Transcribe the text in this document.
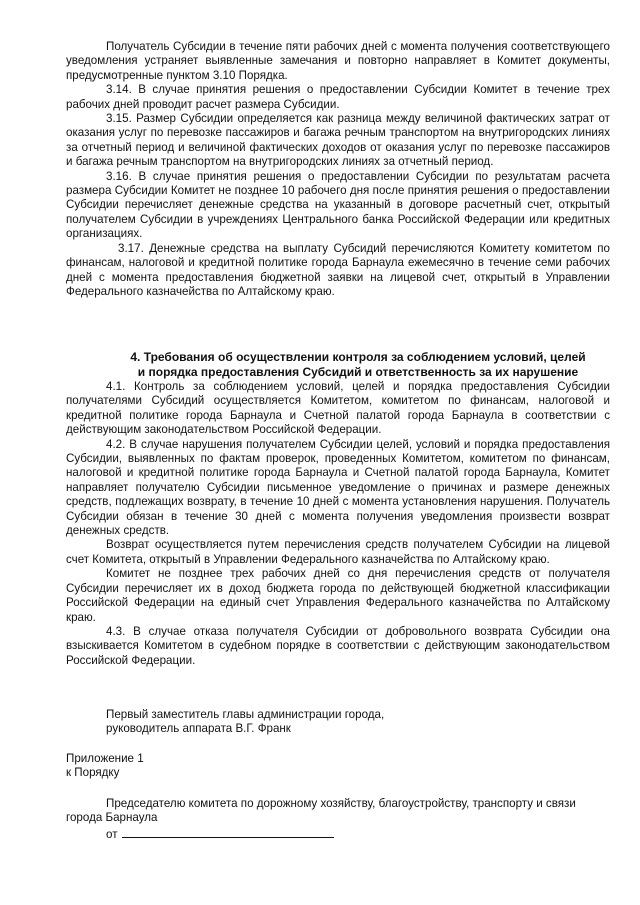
Получатель Субсидии в течение пяти рабочих дней с момента получения соответствующего уведомления устраняет выявленные замечания и повторно направляет в Комитет документы, предусмотренные пунктом 3.10 Порядка.

3.14. В случае принятия решения о предоставлении Субсидии Комитет в течение трех рабочих дней проводит расчет размера Субсидии.

3.15. Размер Субсидии определяется как разница между величиной фактических затрат от оказания услуг по перевозке пассажиров и багажа речным транспортом на внутригородских линиях за отчетный период и величиной фактических доходов от оказания услуг по перевозке пассажиров и багажа речным транспортом на внутригородских линиях за отчетный период.

3.16. В случае принятия решения о предоставлении Субсидии по результатам расчета размера Субсидии Комитет не позднее 10 рабочего дня после принятия решения о предоставлении Субсидии перечисляет денежные средства на указанный в договоре расчетный счет, открытый получателем Субсидии в учреждениях Центрального банка Российской Федерации или кредитных организациях.

3.17. Денежные средства на выплату Субсидий перечисляются Комитету комитетом по финансам, налоговой и кредитной политике города Барнаула ежемесячно в течение семи рабочих дней с момента предоставления бюджетной заявки на лицевой счет, открытый в Управлении Федерального казначейства по Алтайскому краю.

4. Требования об осуществлении контроля за соблюдением условий, целей

и порядка предоставления Субсидий и ответственность за их нарушение

4.1. Контроль за соблюдением условий, целей и порядка предоставления Субсидии получателями Субсидий осуществляется Комитетом, комитетом по финансам, налоговой и кредитной политике города Барнаула и Счетной палатой города Барнаула в соответствии с действующим законодательством Российской Федерации.

4.2. В случае нарушения получателем Субсидии целей, условий и порядка предоставления Субсидии, выявленных по фактам проверок, проведенных Комитетом, комитетом по финансам, налоговой и кредитной политике города Барнаула и Счетной палатой города Барнаула, Комитет направляет получателю Субсидии письменное уведомление о причинах и размере денежных средств, подлежащих возврату, в течение 10 дней с момента установления нарушения. Получатель Субсидии обязан в течение 30 дней с момента получения уведомления произвести возврат денежных средств.

Возврат осуществляется путем перечисления средств получателем Субсидии на лицевой счет Комитета, открытый в Управлении Федерального казначейства по Алтайскому краю.

Комитет не позднее трех рабочих дней со дня перечисления средств от получателя Субсидии перечисляет их в доход бюджета города по действующей бюджетной классификации Российской Федерации на единый счет Управления Федерального казначейства по Алтайскому краю.

4.3. В случае отказа получателя Субсидии от добровольного возврата Субсидии она взыскивается Комитетом в судебном порядке в соответствии с действующим законодательством Российской Федерации.

Первый заместитель главы администрации города,

руководитель аппарата В.Г. Франк

Приложение 1

к Порядку

Председателю комитета по дорожному хозяйству, благоустройству, транспорту и связи города Барнаула

от
